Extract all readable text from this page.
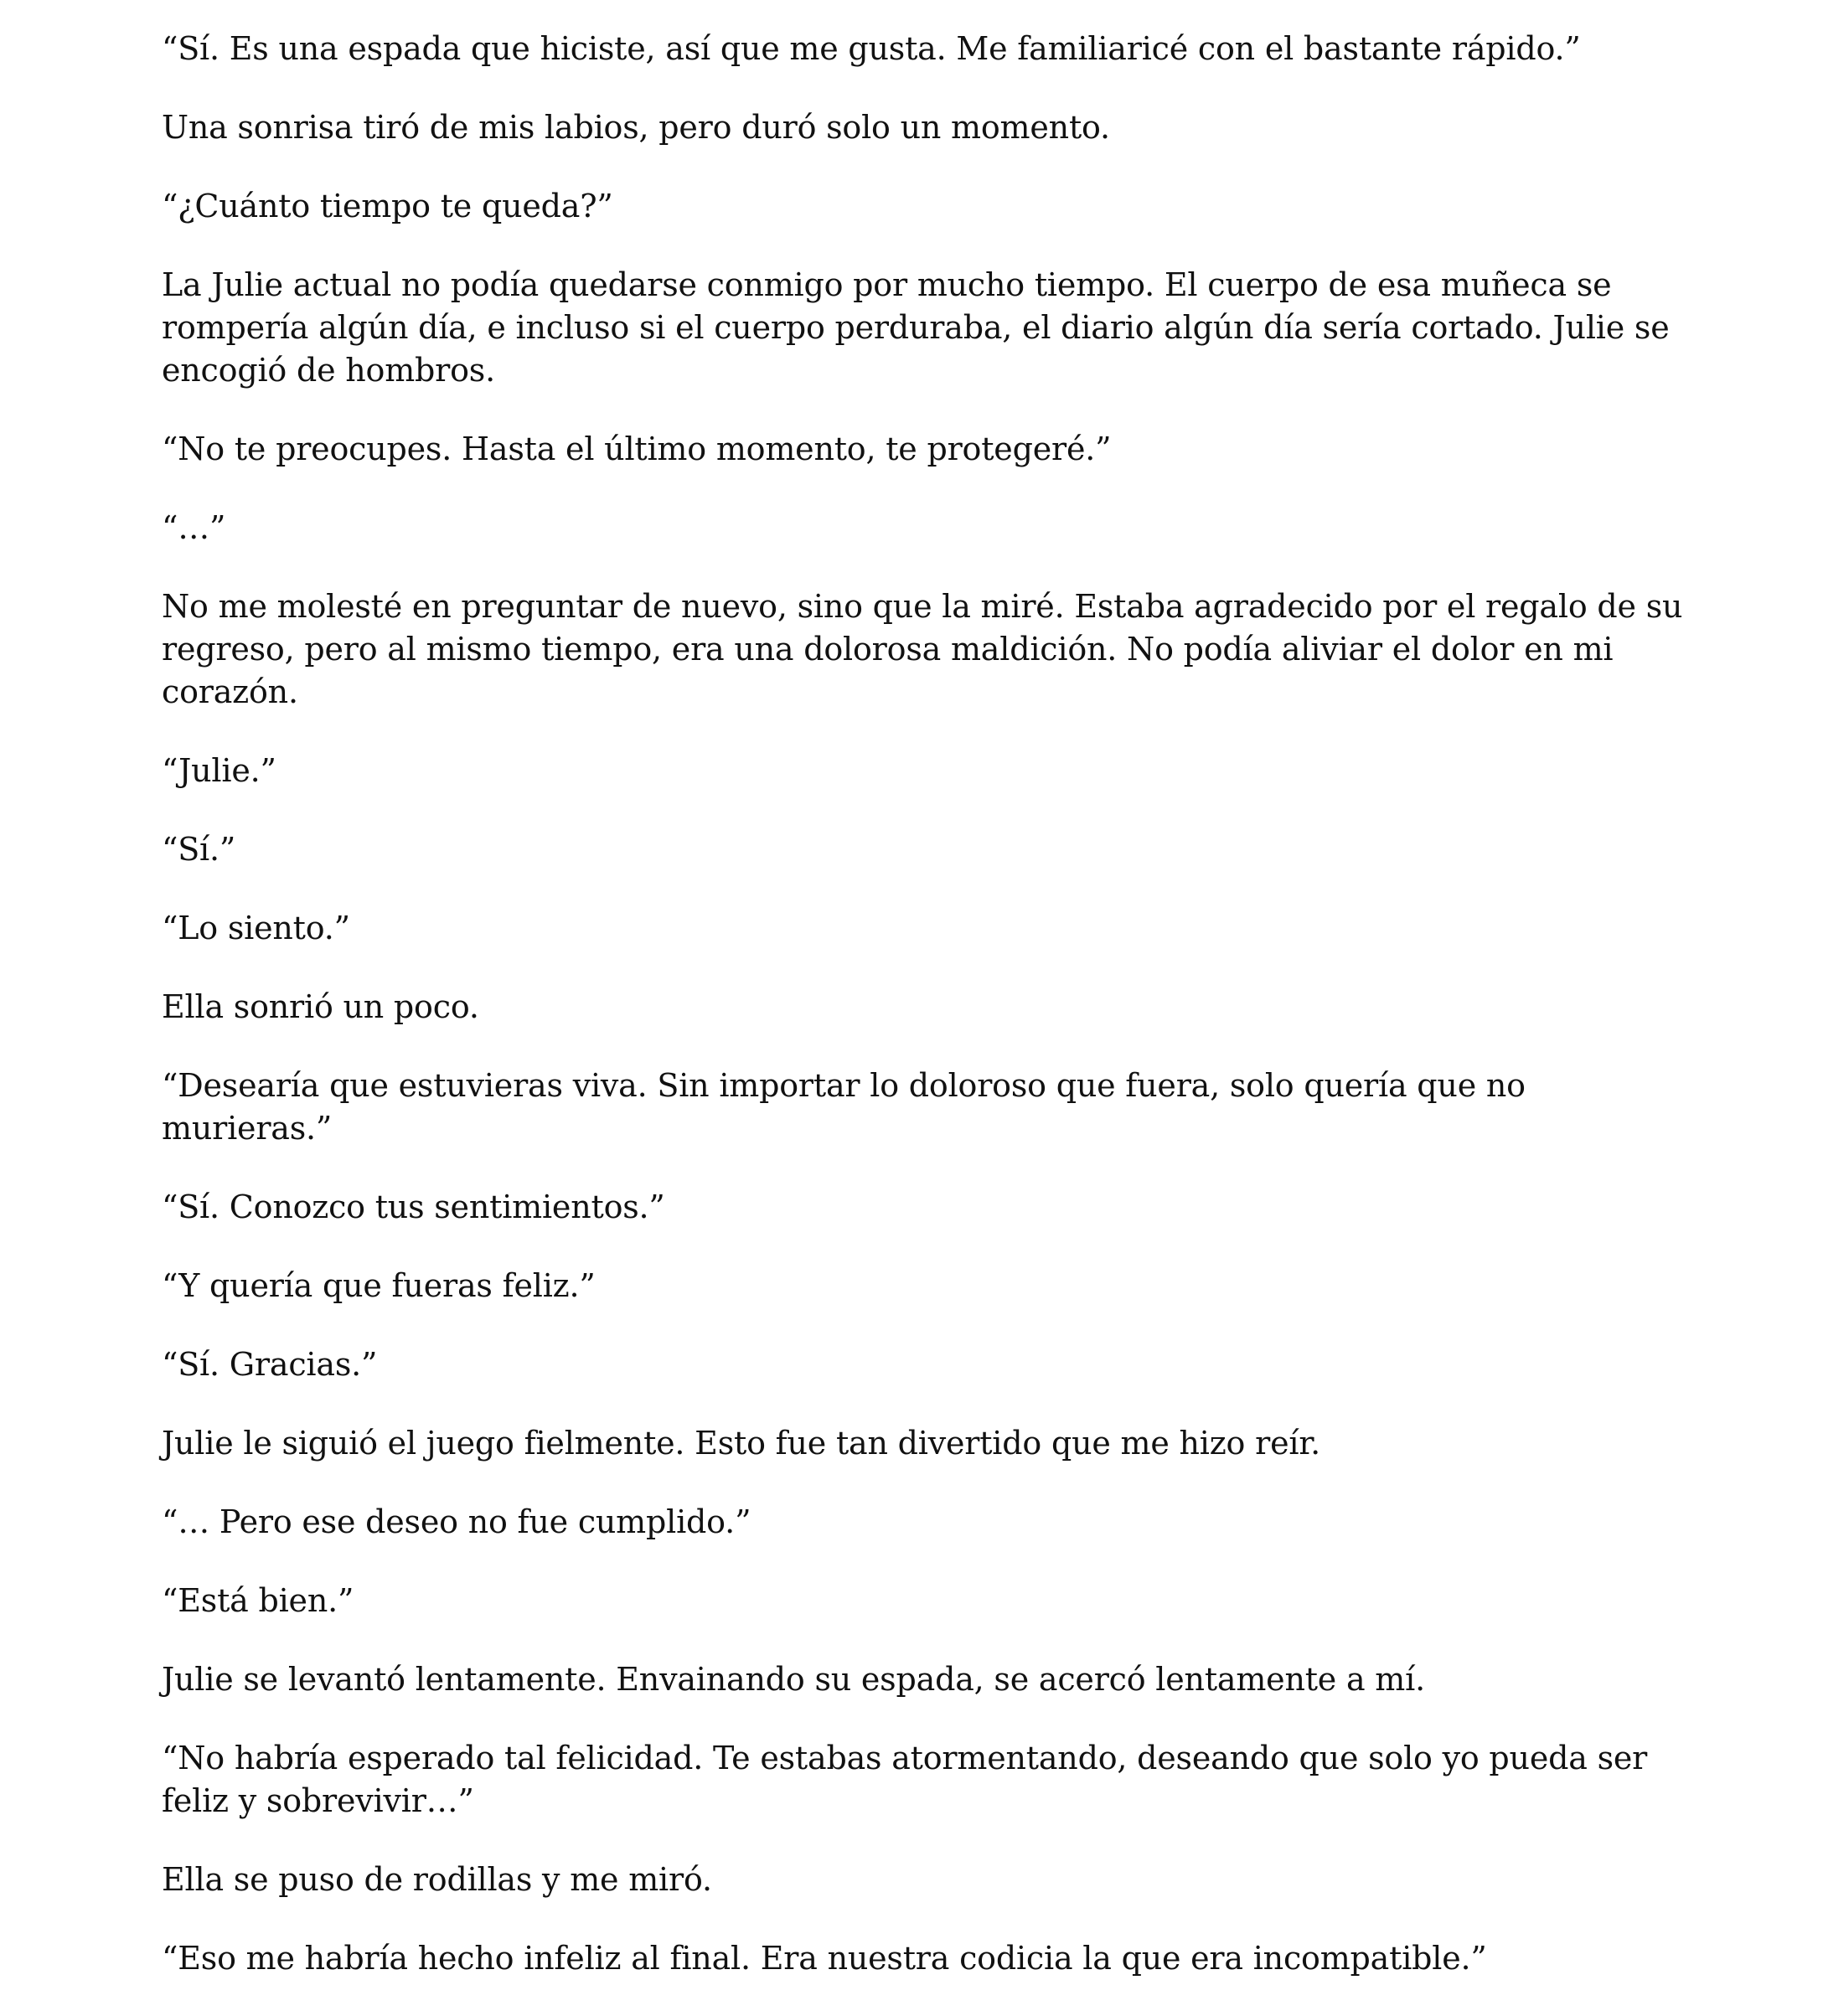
“Sí. Es una espada que hiciste, así que me gusta. Me familiaricé con el bastante rápido.”

Una sonrisa tiró de mis labios, pero duró solo un momento.

“¿Cuánto tiempo te queda?”

La Julie actual no podía quedarse conmigo por mucho tiempo. El cuerpo de esa muñeca se rompería algún día, e incluso si el cuerpo perduraba, el diario algún día sería cortado. Julie se encogió de hombros.

“No te preocupes. Hasta el último momento, te protegeré.”

“…”

No me molesté en preguntar de nuevo, sino que la miré. Estaba agradecido por el regalo de su regreso, pero al mismo tiempo, era una dolorosa maldición. No podía aliviar el dolor en mi corazón.

“Julie.”

“Sí.”

“Lo siento.”

Ella sonrió un poco.

“Desearía que estuvieras viva. Sin importar lo doloroso que fuera, solo quería que no murieras.”

“Sí. Conozco tus sentimientos.”

“Y quería que fueras feliz.”

“Sí. Gracias.”

Julie le siguió el juego fielmente. Esto fue tan divertido que me hizo reír.

“… Pero ese deseo no fue cumplido.”

“Está bien.”

Julie se levantó lentamente. Envainando su espada, se acercó lentamente a mí.

“No habría esperado tal felicidad. Te estabas atormentando, deseando que solo yo pueda ser feliz y sobrevivir…”

Ella se puso de rodillas y me miró.

“Eso me habría hecho infeliz al final. Era nuestra codicia la que era incompatible.”
